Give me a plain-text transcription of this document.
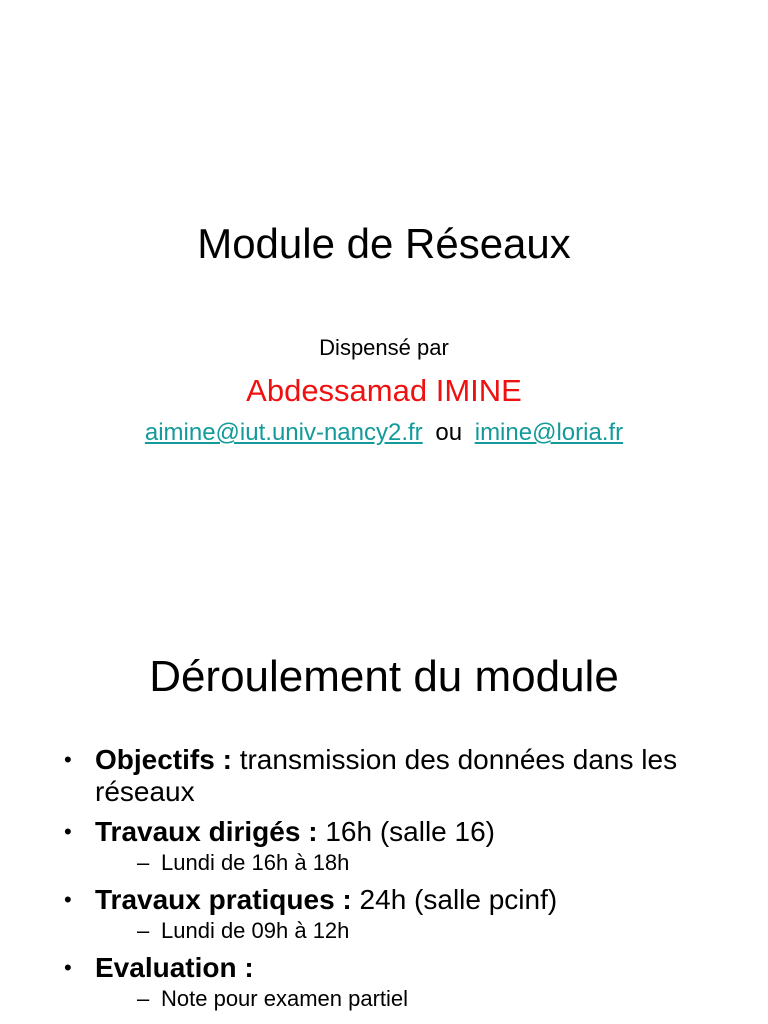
Module de Réseaux
Dispensé par
Abdessamad IMINE
aimine@iut.univ-nancy2.fr ou imine@loria.fr
Déroulement du module
• Objectifs : transmission des données dans les réseaux
• Travaux dirigés : 16h (salle 16)
– Lundi de 16h à 18h
• Travaux pratiques : 24h (salle pcinf)
– Lundi de 09h à 12h
• Evaluation :
– Note pour examen partiel
